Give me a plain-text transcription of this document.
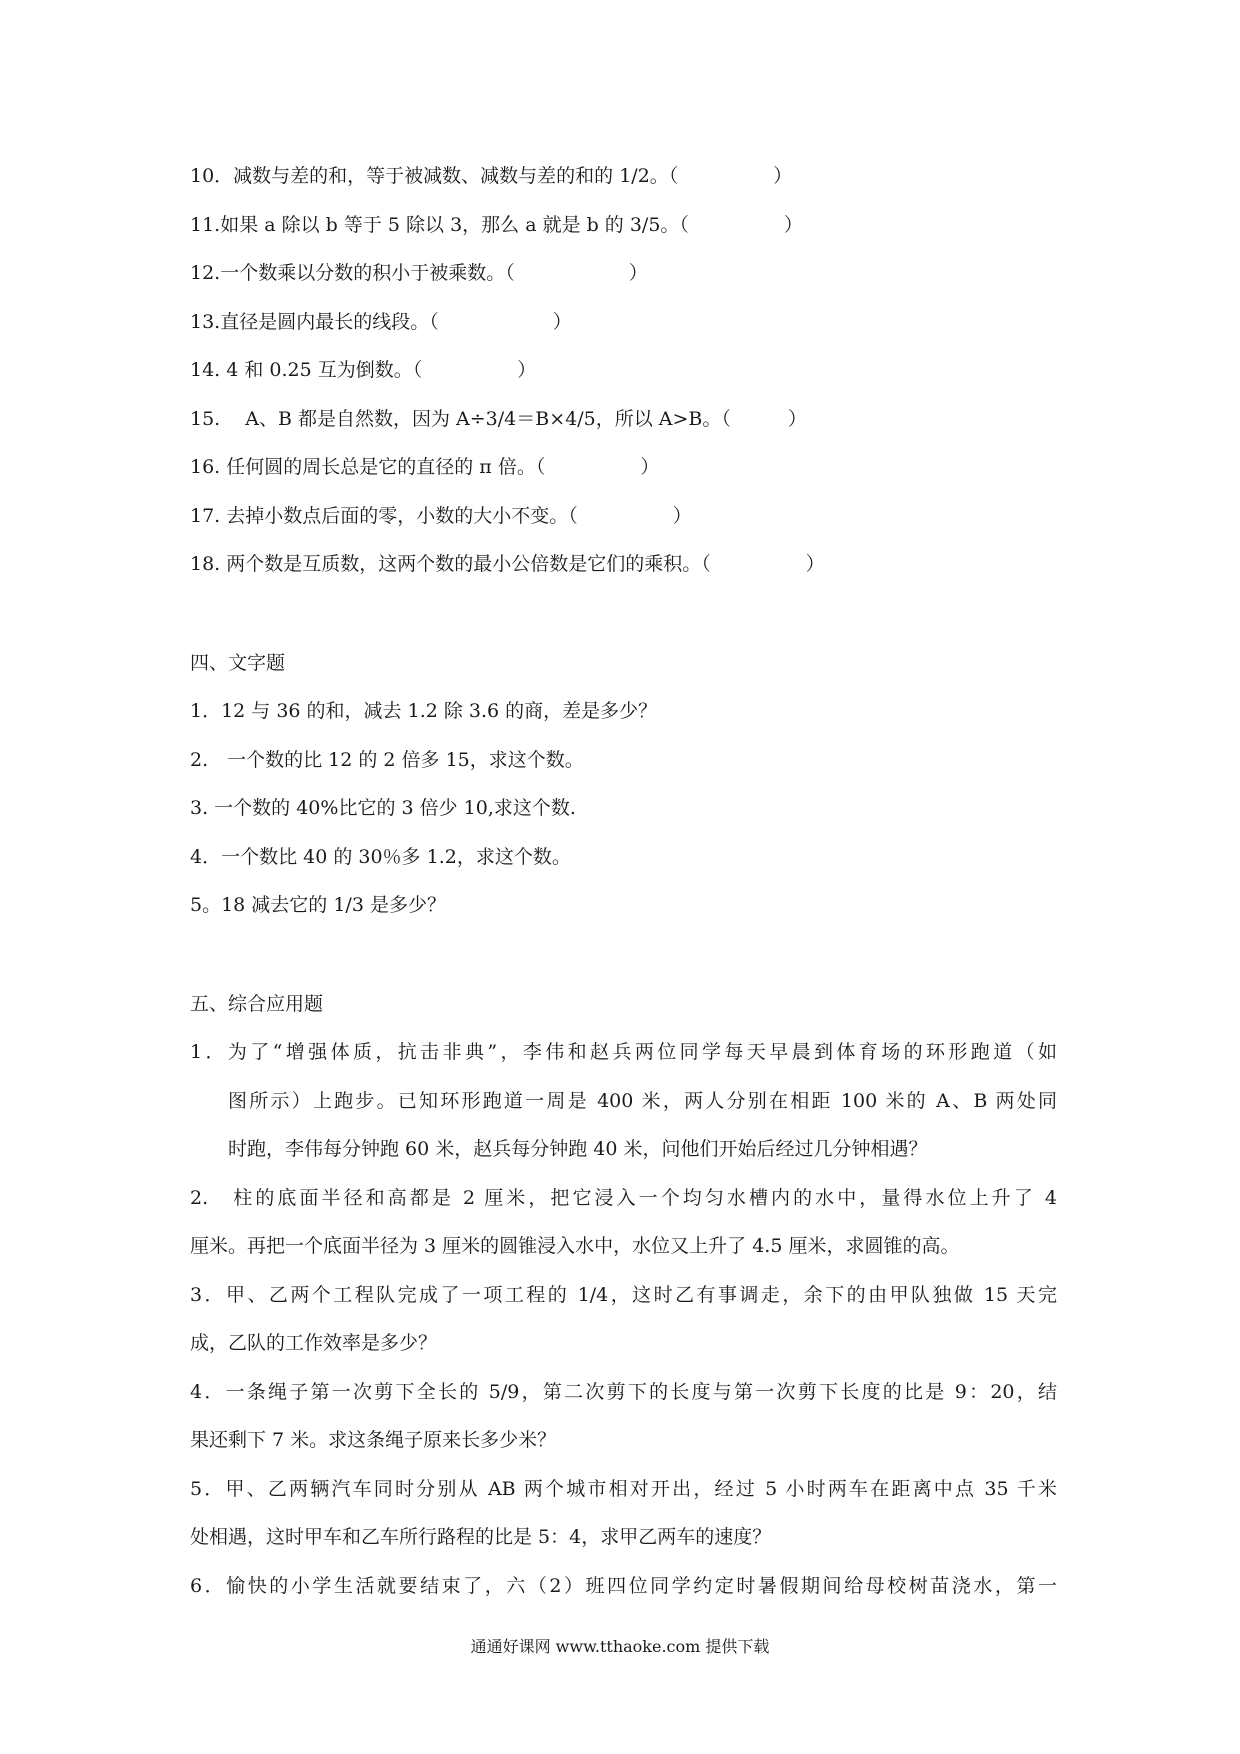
10．减数与差的和，等于被减数、减数与差的和的 1/2。（　　　　　）
11.如果 a 除以 b 等于 5 除以 3，那么 a 就是 b 的 3/5。（　　　　　）
12.一个数乘以分数的积小于被乘数。（　　　　　　）
13.直径是圆内最长的线段。（　　　　　　）
14. 4 和 0.25 互为倒数。（　　　　　）
15. 　A、B 都是自然数，因为 A÷3/4＝B×4/5，所以 A>B。（　　　）
16. 任何圆的周长总是它的直径的 π 倍。（　　　　　）
17. 去掉小数点后面的零，小数的大小不变。（　　　　　）
18. 两个数是互质数，这两个数的最小公倍数是它们的乘积。（　　　　　）
四、文字题
1．12 与 36 的和，减去 1.2 除 3.6 的商，差是多少？
2.　一个数的比 12 的 2 倍多 15，求这个数。
3. 一个数的 40%比它的 3 倍少 10,求这个数.
4．一个数比 40 的 30％多 1.2，求这个数。
5。18 减去它的 1/3 是多少？
五、综合应用题
1．为了“增强体质，抗击非典”，李伟和赵兵两位同学每天早晨到体育场的环形跑道（如
图所示）上跑步。已知环形跑道一周是 400 米，两人分别在相距 100 米的 A、B 两处同
时跑，李伟每分钟跑 60 米，赵兵每分钟跑 40 米，问他们开始后经过几分钟相遇？
2.　柱的底面半径和高都是 2 厘米，把它浸入一个均匀水槽内的水中，量得水位上升了 4
厘米。再把一个底面半径为 3 厘米的圆锥浸入水中，水位又上升了 4.5 厘米，求圆锥的高。
3．甲、乙两个工程队完成了一项工程的 1/4，这时乙有事调走，余下的由甲队独做 15 天完
成，乙队的工作效率是多少？
4．一条绳子第一次剪下全长的 5/9，第二次剪下的长度与第一次剪下长度的比是 9：20，结
果还剩下 7 米。求这条绳子原来长多少米？
5．甲、乙两辆汽车同时分别从 AB 两个城市相对开出，经过 5 小时两车在距离中点 35 千米
处相遇，这时甲车和乙车所行路程的比是 5：4，求甲乙两车的速度？
6．愉快的小学生活就要结束了，六（2）班四位同学约定时暑假期间给母校树苗浇水，第一
通通好课网 www.tthaoke.com 提供下载
